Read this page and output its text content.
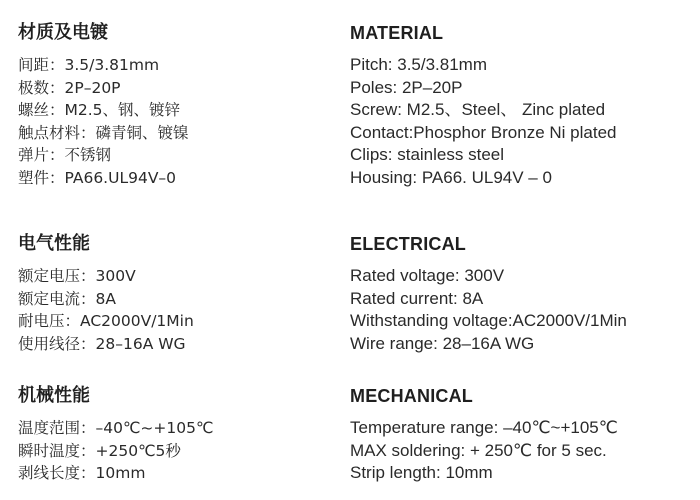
材质及电镀
间距：3.5/3.81mm
极数：2P–20P
螺丝：M2.5、钢、镀锌
触点材料：磷青铜、镀镍
弹片：不锈钢
塑件：PA66.UL94V–0
电气性能
额定电压：300V
额定电流：8A
耐电压：AC2000V/1Min
使用线径：28–16A WG
机械性能
温度范围：–40℃~+105℃
瞬时温度：+250℃5秒
剥线长度：10mm
MATERIAL
Pitch: 3.5/3.81mm
Poles: 2P–20P
Screw: M2.5、Steel、 Zinc plated
Contact:Phosphor Bronze Ni plated
Clips: stainless steel
Housing: PA66. UL94V – 0
ELECTRICAL
Rated voltage: 300V
Rated current: 8A
Withstanding voltage:AC2000V/1Min
Wire range: 28–16A WG
MECHANICAL
Temperature range: –40℃~+105℃
MAX soldering: + 250℃ for 5 sec.
Strip length: 10mm
